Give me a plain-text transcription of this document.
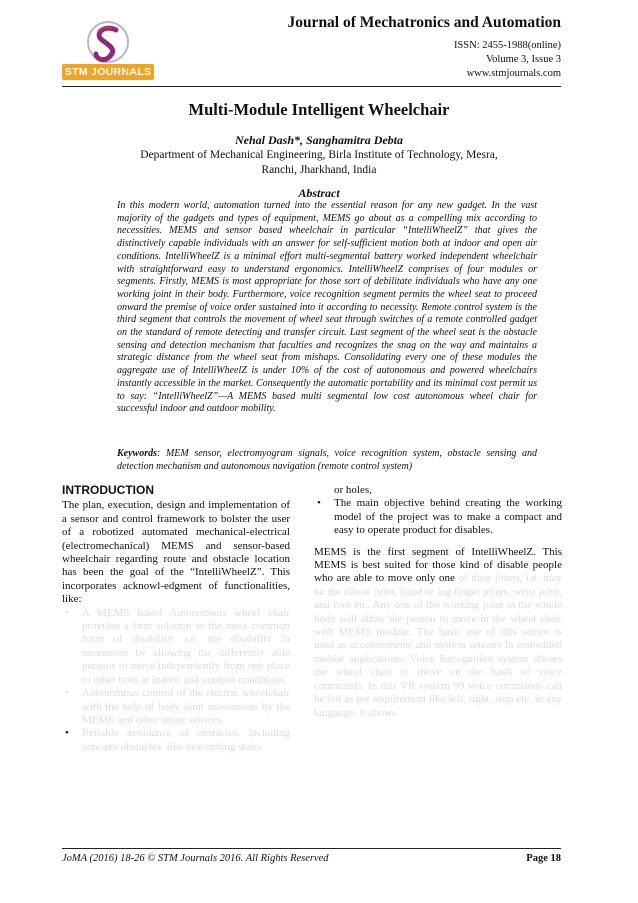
STM JOURNALS
Journal of Mechatronics and Automation
ISSN: 2455-1988(online)
Volume 3, Issue 3
www.stmjournals.com
Multi-Module Intelligent Wheelchair
Nehal Dash*, Sanghamitra Debta
Department of Mechanical Engineering, Birla Institute of Technology, Mesra,
Ranchi, Jharkhand, India
Abstract

In this modern world, automation turned into the essential reason for any new gadget. In the vast majority of the gadgets and types of equipment, MEMS go about as a compelling mix according to necessities. MEMS and sensor based wheelchair in particular “IntelliWheelZ” that gives the distinctively capable individuals with an answer for self-sufficient motion both at indoor and open air conditions. IntelliWheelZ is a minimal effort multi-segmental battery worked independent wheelchair with straightforward easy to understand ergonomics. IntelliWheelZ comprises of four modules or segments. Firstly, MEMS is most appropriate for those sort of debilitate individuals who have any one working joint in their body. Furthermore, voice recognition segment permits the wheel seat to proceed onward the premise of voice order sustained into it according to necessity. Remote control system is the third segment that controls the movement of wheel seat through switches of a remote controlled gadget on the standard of remote detecting and transfer circuit. Last segment of the wheel seat is the obstacle sensing and detection mechanism that faculties and recognizes the snag on the way and maintains a strategic distance from the wheel seat from mishaps. Consolidating every one of these modules the aggregate use of IntelliWheelZ is under 10% of the cost of autonomous and powered wheelchairs instantly accessible in the market. Consequently the automatic portability and its minimal cost permit us to say: “IntelliWheelZ”—A MEMS based multi segmental low cost autonomous wheel chair for successful indoor and outdoor mobility.

Keywords: MEM sensor, electromyogram signals, voice recognition system, obstacle sensing and detection mechanism and autonomous navigation (remote control system)

INTRODUCTION

The plan, execution, design and implementation of a sensor and control framework to bolster the user of a robotized automated mechanical-electrical (electromechanical) MEMS and sensor-based wheelchair regarding route and obstacle location has been the goal of the “IntelliWheelZ”. This incorporates acknowl-edgment of functionalities, like:

• A MEMS based Autonomous wheel chair provides a firm solution to the most common form of disability, i.e. the disability in movement by allowing the differently able persons to move independently from one place to other both at indoor and outdoor conditions.
• Autonomous control of the electric wheelchair with the help of body joint movements by the MEMS and other smart sensors.
• Reliable avoidance of obstacles, including concave obstacles, like descending stairs
or holes,
• The main objective behind creating the working model of the project was to make a compact and easy to operate product for disables.

MEMS is the first segment of IntelliWheelZ. This MEMS is best suited for those kind of disable people who are able to move only one of their joints, i.e. may be the elbow joint, hand or leg finger joints, wrist joint, and foot etc. Any one of the working joint in the whole body will allow the person to move in the wheel chair with MEMS module. The basic use of this sensor is used as accelerometer and motion sensors in embedded mobile applications. Voice Recognition system allows the wheel chair to move on the basis of voice commands. In this VR system 99 voice commands can be fed as per requirement like left, right, stop etc. in any language. It shows

JoMA (2016) 18-26 © STM Journals 2016. All Rights Reserved	Page 18
